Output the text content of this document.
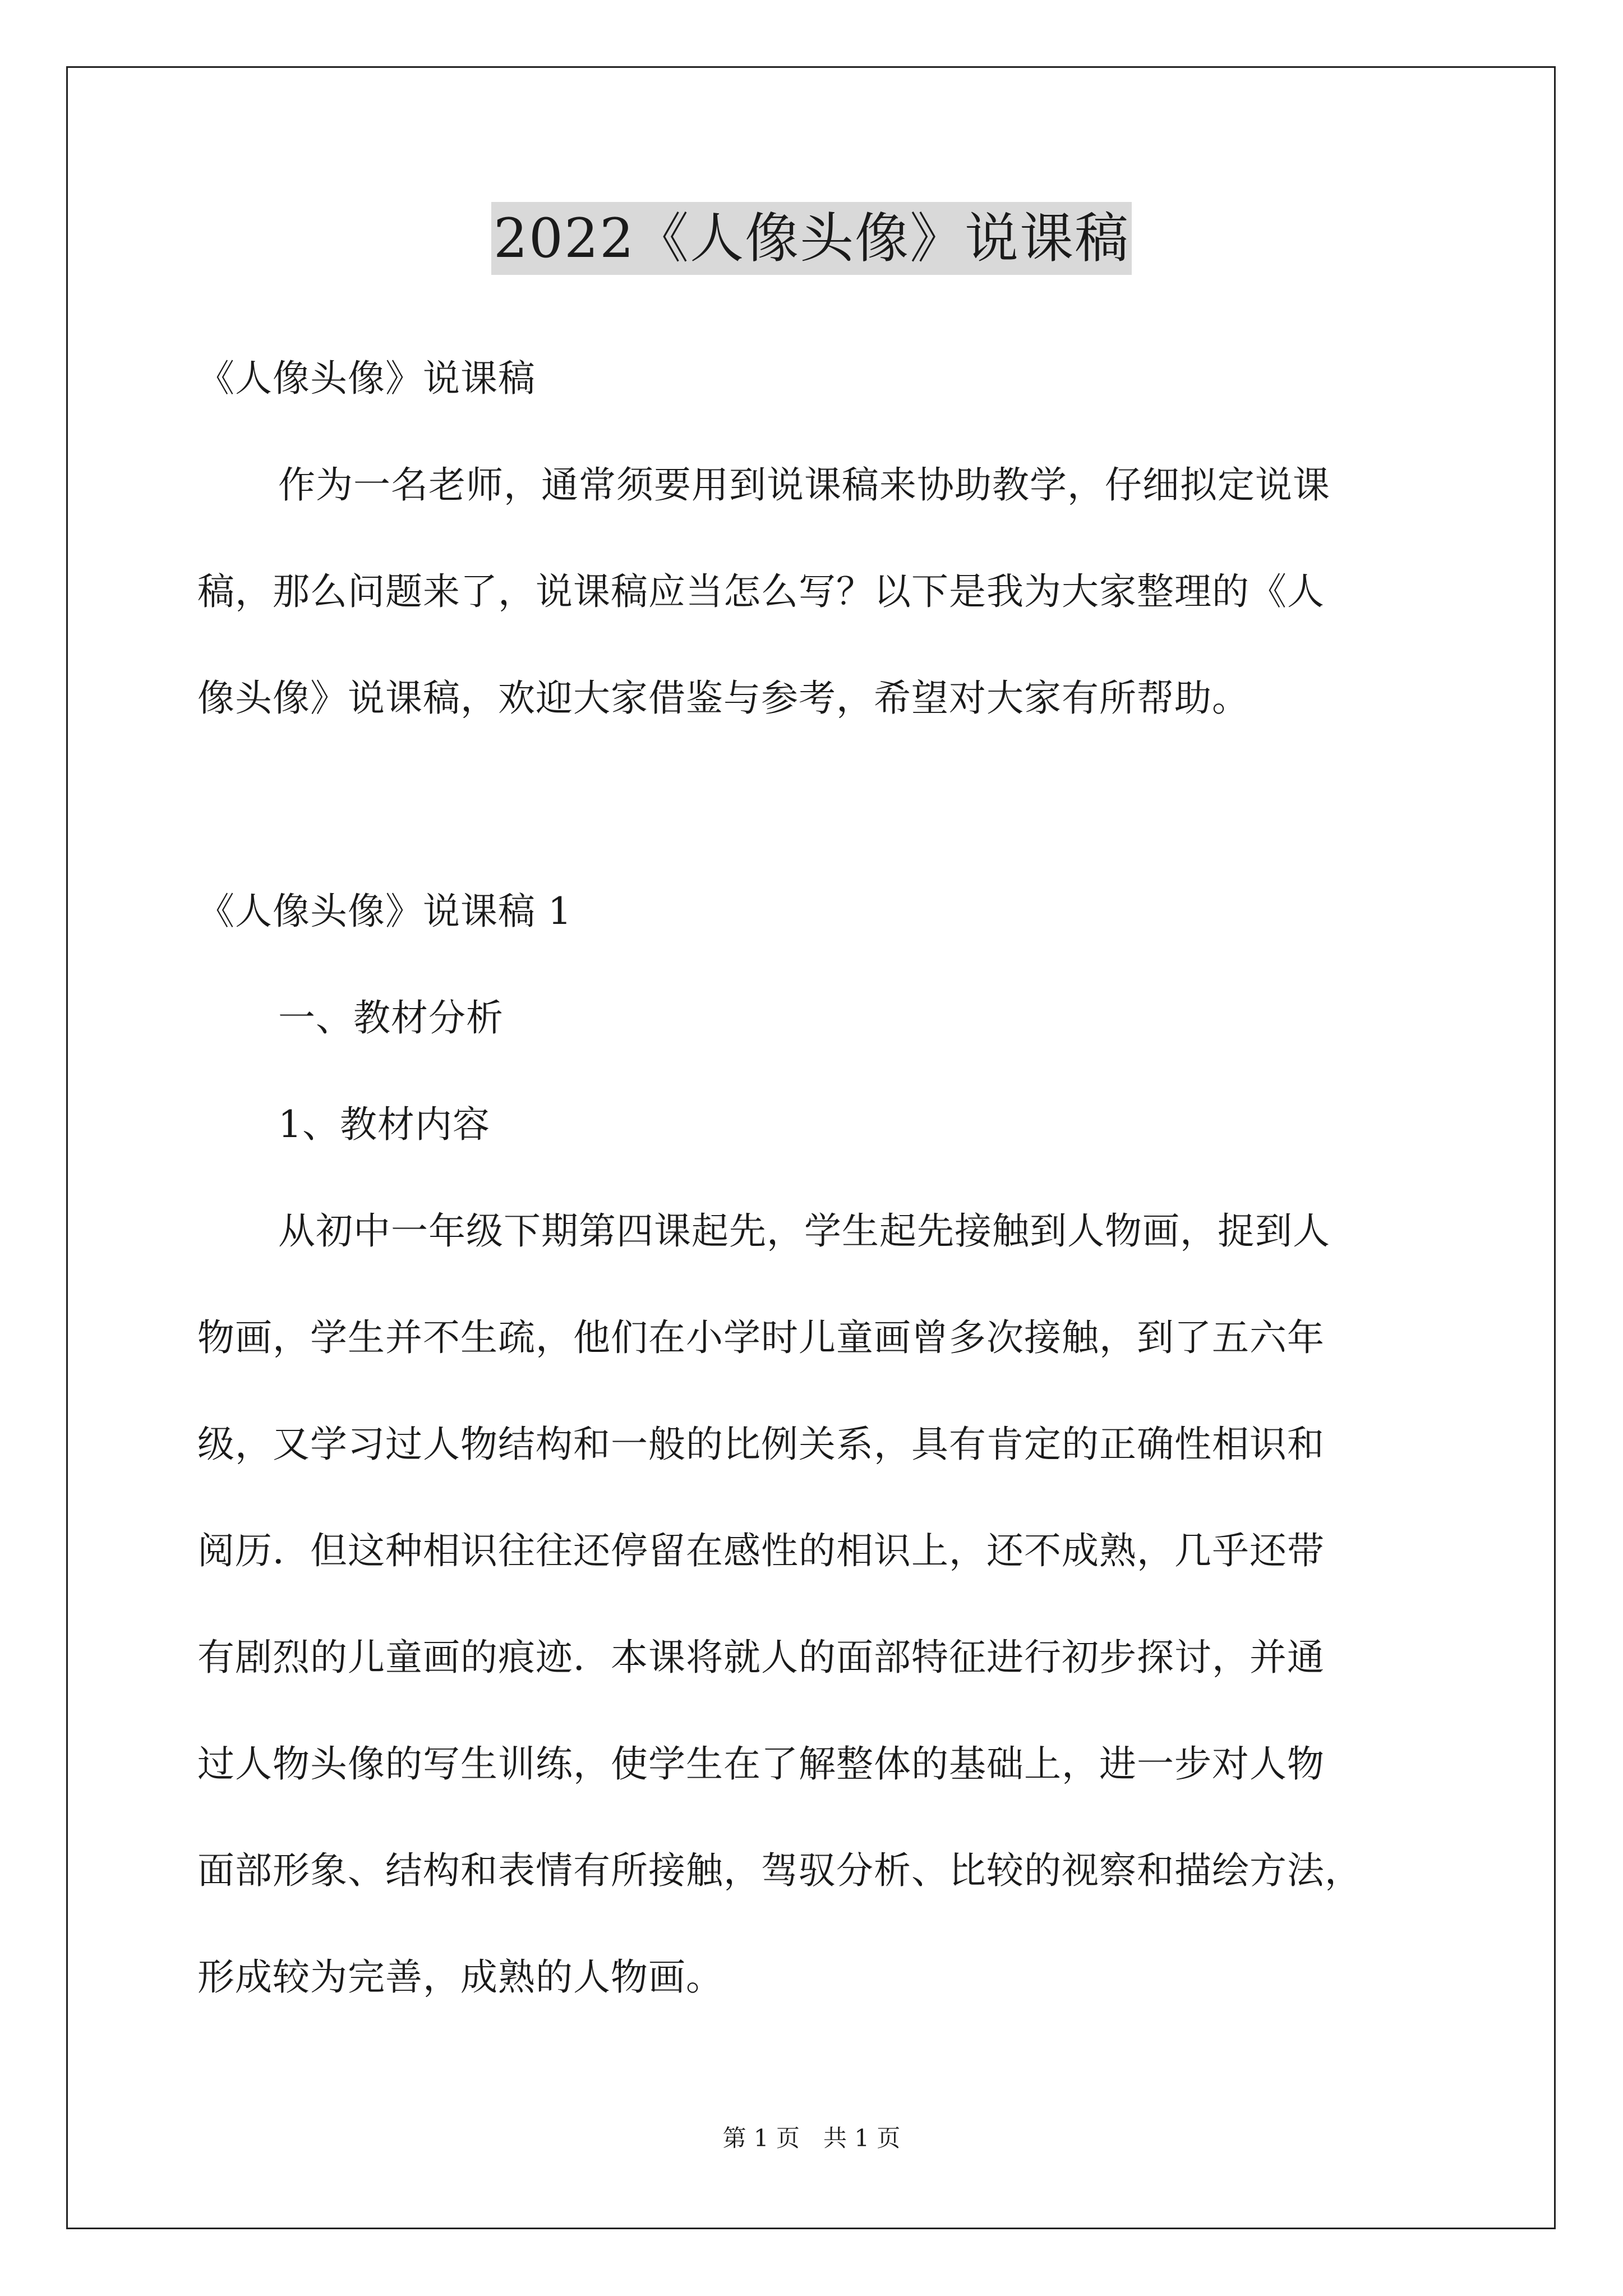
2022《人像头像》说课稿
《人像头像》说课稿
作为一名老师，通常须要用到说课稿来协助教学，仔细拟定说课
稿，那么问题来了，说课稿应当怎么写？以下是我为大家整理的《人
像头像》说课稿，欢迎大家借鉴与参考，希望对大家有所帮助。
《人像头像》说课稿 1
一、教材分析
1、教材内容
从初中一年级下期第四课起先，学生起先接触到人物画，捉到人
物画，学生并不生疏，他们在小学时儿童画曾多次接触，到了五六年
级，又学习过人物结构和一般的比例关系，具有肯定的正确性相识和
阅历．但这种相识往往还停留在感性的相识上，还不成熟，几乎还带
有剧烈的儿童画的痕迹．本课将就人的面部特征进行初步探讨，并通
过人物头像的写生训练，使学生在了解整体的基础上，进一步对人物
面部形象、结构和表情有所接触，驾驭分析、比较的视察和描绘方法，
形成较为完善，成熟的人物画。
第 1 页　共 1 页
